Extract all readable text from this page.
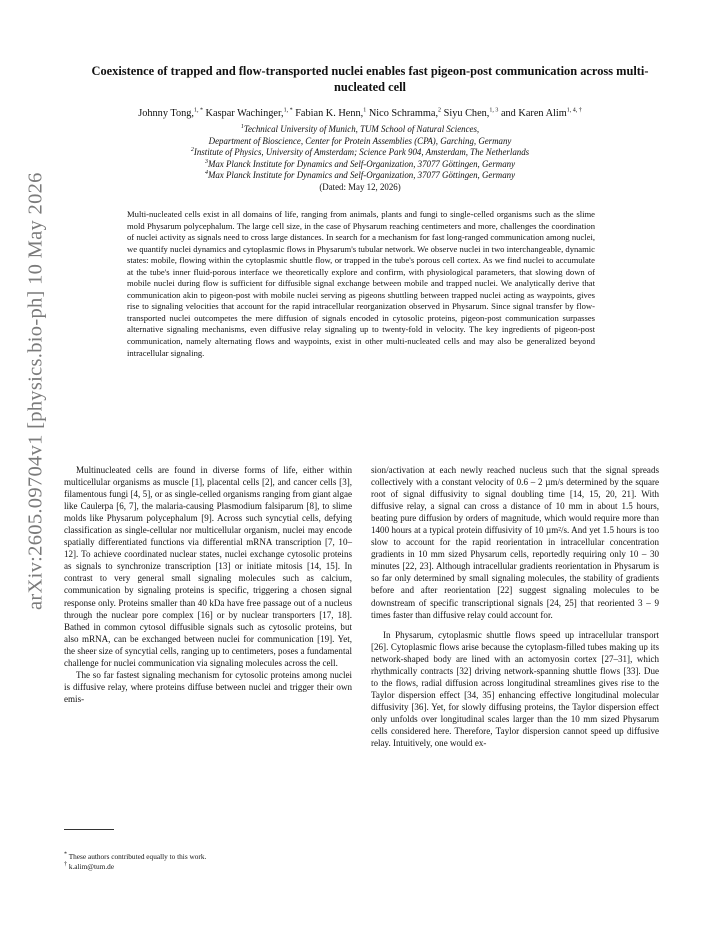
arXiv:2605.09704v1 [physics.bio-ph] 10 May 2026
Coexistence of trapped and flow-transported nuclei enables fast pigeon-post communication across multi-nucleated cell
Johnny Tong,$^{1, *}$ Kaspar Wachinger,$^{1, *}$ Fabian K. Henn,$^1$ Nico Schramma,$^2$ Siyu Chen,$^{1, 3}$ and Karen Alim$^{1, 4, \dagger}$
$^1$Technical University of Munich, TUM School of Natural Sciences,
Department of Bioscience, Center for Protein Assemblies (CPA), Garching, Germany
$^2$Institute of Physics, University of Amsterdam; Science Park 904, Amsterdam, The Netherlands
$^3$Max Planck Institute for Dynamics and Self-Organization, 37077 Göttingen, Germany
$^4$Max Planck Institute for Dynamics and Self-Organization, 37077 Göttingen, Germany
(Dated: May 12, 2026)

Multi-nucleated cells exist in all domains of life, ranging from animals, plants and fungi to single-celled organisms such as the slime mold Physarum polycephalum. The large cell size, in the case of Physarum reaching centimeters and more, challenges the coordination of nuclei activity as signals need to cross large distances. In search for a mechanism for fast long-ranged communication among nuclei, we quantify nuclei dynamics and cytoplasmic flows in Physarum's tubular network. We observe nuclei in two interchangeable, dynamic states: mobile, flowing within the cytoplasmic shuttle flow, or trapped in the tube's porous cell cortex. As we find nuclei to accumulate at the tube's inner fluid-porous interface we theoretically explore and confirm, with physiological parameters, that slowing down of mobile nuclei during flow is sufficient for diffusible signal exchange between mobile and trapped nuclei. We analytically derive that communication akin to pigeon-post with mobile nuclei serving as pigeons shuttling between trapped nuclei acting as waypoints, gives rise to signaling velocities that account for the rapid intracellular reorganization observed in Physarum. Since signal transfer by flow-transported nuclei outcompetes the mere diffusion of signals encoded in cytosolic proteins, pigeon-post communication surpasses alternative signaling mechanisms, even diffusive relay signaling up to twenty-fold in velocity. The key ingredients of pigeon-post communication, namely alternating flows and waypoints, exist in other multi-nucleated cells and may also be generalized beyond intracellular signaling.

Multinucleated cells are found in diverse forms of life, either within multicellular organisms as muscle [1], placental cells [2], and cancer cells [3], filamentous fungi [4, 5], or as single-celled organisms ranging from giant algae like Caulerpa [6, 7], the malaria-causing Plasmodium falsiparum [8], to slime molds like Physarum polycephalum [9]. Across such syncytial cells, defying classification as single-cellular nor multicellular organism, nuclei may encode spatially differentiated functions via differential mRNA transcription [7, 10–12]. To achieve coordinated nuclear states, nuclei exchange cytosolic proteins as signals to synchronize transcription [13] or initiate mitosis [14, 15]. In contrast to very general small signaling molecules such as calcium, communication by signaling proteins is specific, triggering a chosen signal response only. Proteins smaller than 40 kDa have free passage out of a nucleus through the nuclear pore complex [16] or by nuclear transporters [17, 18]. Bathed in common cytosol diffusible signals such as cytosolic proteins, but also mRNA, can be exchanged between nuclei for communication [19]. Yet, the sheer size of syncytial cells, ranging up to centimeters, poses a fundamental challenge for nuclei communication via signaling molecules across the cell.

The so far fastest signaling mechanism for cytosolic proteins among nuclei is diffusive relay, where proteins diffuse between nuclei and trigger their own emis-

sion/activation at each newly reached nucleus such that the signal spreads collectively with a constant velocity of 0.6 – 2 µm/s determined by the square root of signal diffusivity to signal doubling time [14, 15, 20, 21]. With diffusive relay, a signal can cross a distance of 10 mm in about 1.5 hours, beating pure diffusion by orders of magnitude, which would require more than 1400 hours at a typical protein diffusivity of 10 µm²/s. And yet 1.5 hours is too slow to account for the rapid reorientation in intracellular concentration gradients in 10 mm sized Physarum cells, reportedly requiring only 10 – 30 minutes [22, 23]. Although intracellular gradients reorientation in Physarum is so far only determined by small signaling molecules, the stability of gradients before and after reorientation [22] suggest signaling molecules to be downstream of specific transcriptional signals [24, 25] that reoriented 3 – 9 times faster than diffusive relay could account for.

In Physarum, cytoplasmic shuttle flows speed up intracellular transport [26]. Cytoplasmic flows arise because the cytoplasm-filled tubes making up its network-shaped body are lined with an actomyosin cortex [27–31], which rhythmically contracts [32] driving network-spanning shuttle flows [33]. Due to the flows, radial diffusion across longitudinal streamlines gives rise to the Taylor dispersion effect [34, 35] enhancing effective longitudinal molecular diffusivity [36]. Yet, for slowly diffusing proteins, the Taylor dispersion effect only unfolds over longitudinal scales larger than the 10 mm sized Physarum cells considered here. Therefore, Taylor dispersion cannot speed up diffusive relay. Intuitively, one would ex-

* These authors contributed equally to this work.
† k.alim@tum.de
